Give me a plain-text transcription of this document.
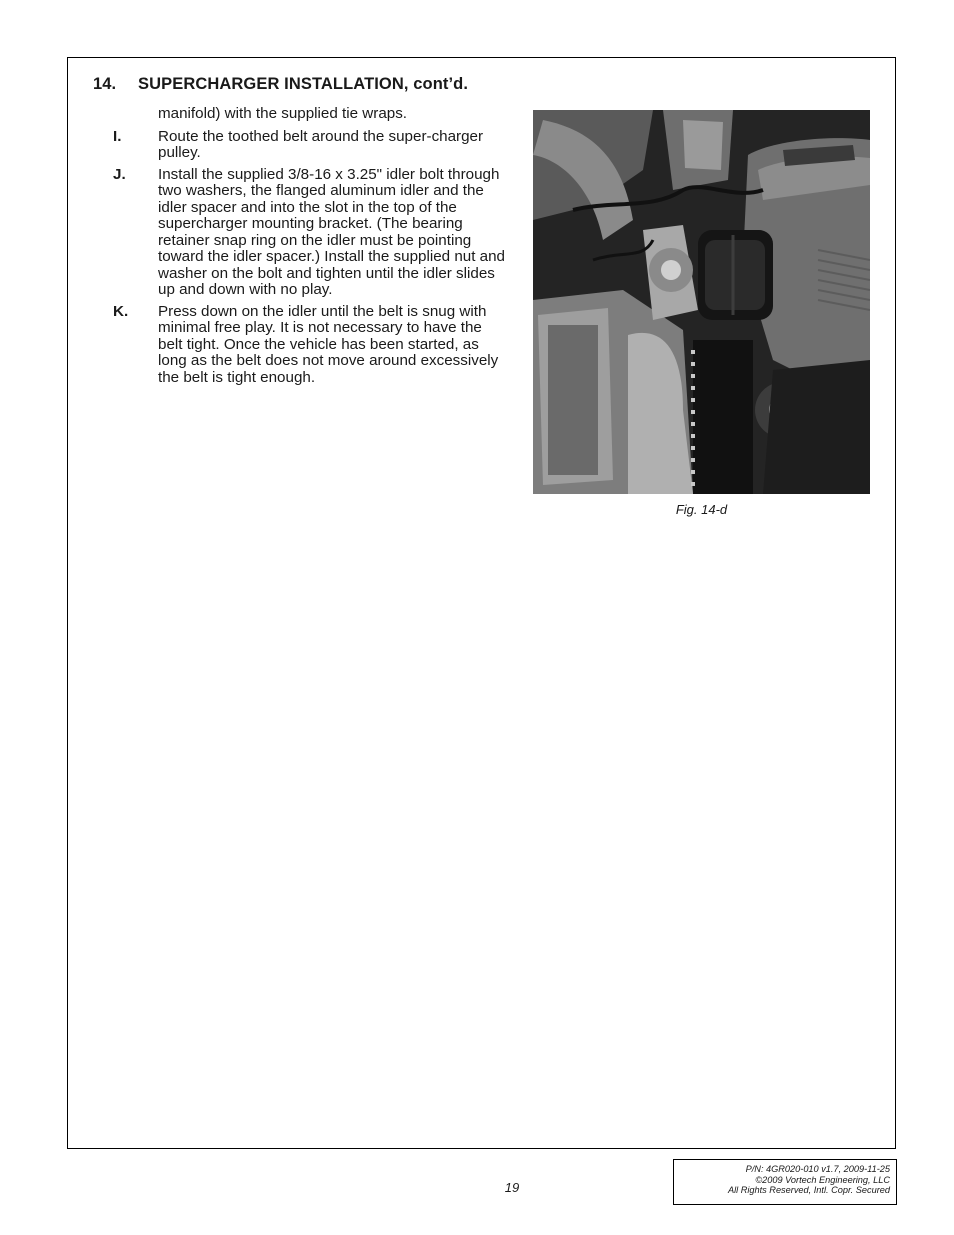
14. SUPERCHARGER INSTALLATION, cont’d.
manifold) with the supplied tie wraps.
I.	Route the toothed belt around the super-charger pulley.
J.	Install the supplied 3/8-16 x 3.25" idler bolt through two washers, the flanged aluminum idler and the idler spacer and into the slot in the top of the supercharger mounting bracket. (The bearing retainer snap ring on the idler must be pointing toward the idler spacer.) Install the supplied nut and washer on the bolt and tighten until the idler slides up and down with no play.
K.	Press down on the idler until the belt is snug with minimal free play. It is not necessary to have the belt tight. Once the vehicle has been started, as long as the belt does not move around excessively the belt is tight enough.
Fig. 14-d
19
P/N: 4GR020-010 v1.7, 2009-11-25
©2009 Vortech Engineering, LLC
All Rights Reserved, Intl. Copr. Secured
